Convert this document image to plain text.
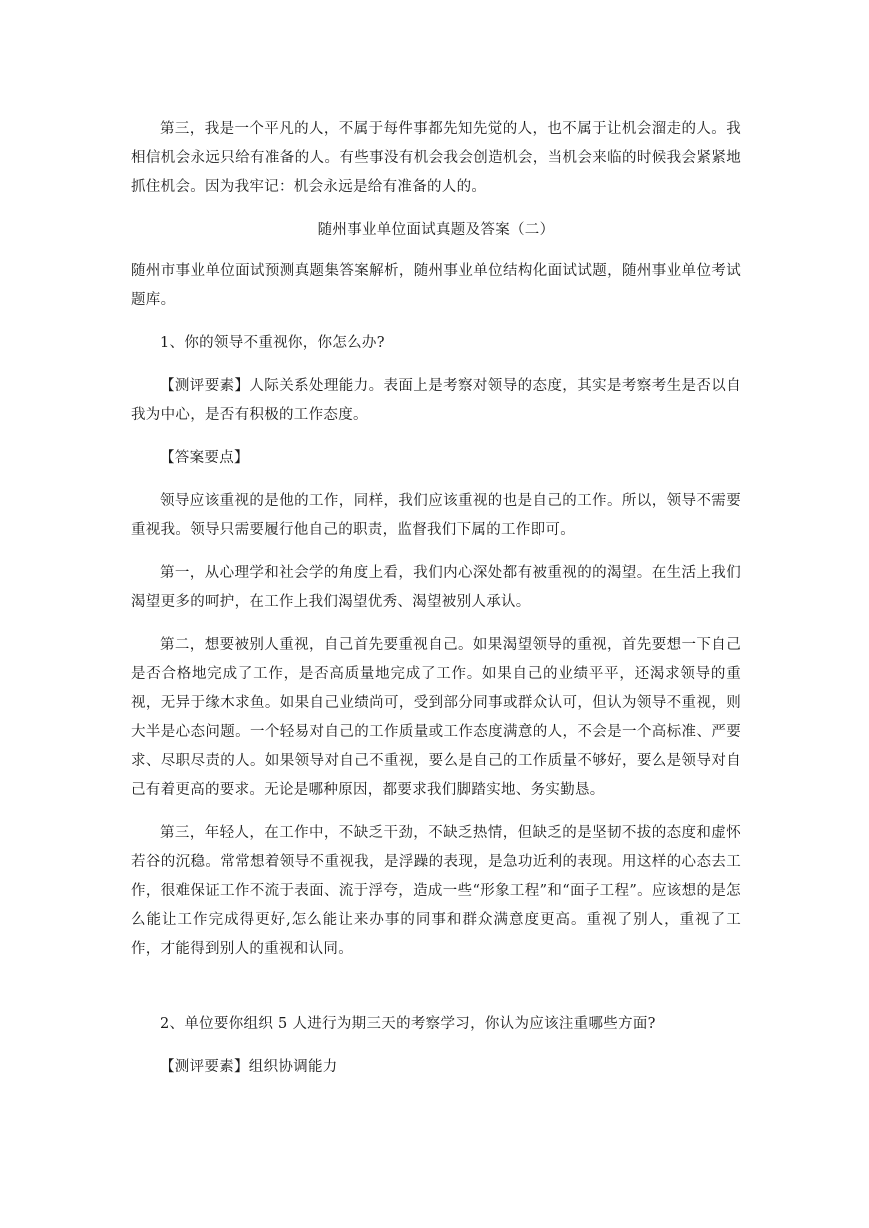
第三，我是一个平凡的人，不属于每件事都先知先觉的人，也不属于让机会溜走的人。我相信机会永远只给有准备的人。有些事没有机会我会创造机会，当机会来临的时候我会紧紧地抓住机会。因为我牢记：机会永远是给有准备的人的。

随州事业单位面试真题及答案（二）

随州市事业单位面试预测真题集答案解析，随州事业单位结构化面试试题，随州事业单位考试题库。

1、你的领导不重视你，你怎么办?

【测评要素】人际关系处理能力。表面上是考察对领导的态度，其实是考察考生是否以自我为中心，是否有积极的工作态度。

【答案要点】

领导应该重视的是他的工作，同样，我们应该重视的也是自己的工作。所以，领导不需要重视我。领导只需要履行他自己的职责，监督我们下属的工作即可。

第一，从心理学和社会学的角度上看，我们内心深处都有被重视的的渴望。在生活上我们渴望更多的呵护，在工作上我们渴望优秀、渴望被别人承认。

第二，想要被别人重视，自己首先要重视自己。如果渴望领导的重视，首先要想一下自己是否合格地完成了工作，是否高质量地完成了工作。如果自己的业绩平平，还渴求领导的重视，无异于缘木求鱼。如果自己业绩尚可，受到部分同事或群众认可，但认为领导不重视，则大半是心态问题。一个轻易对自己的工作质量或工作态度满意的人，不会是一个高标准、严要求、尽职尽责的人。如果领导对自己不重视，要么是自己的工作质量不够好，要么是领导对自己有着更高的要求。无论是哪种原因，都要求我们脚踏实地、务实勤恳。

第三，年轻人，在工作中，不缺乏干劲，不缺乏热情，但缺乏的是坚韧不拔的态度和虚怀若谷的沉稳。常常想着领导不重视我，是浮躁的表现，是急功近利的表现。用这样的心态去工作，很难保证工作不流于表面、流于浮夸，造成一些“形象工程”和“面子工程”。应该想的是怎么能让工作完成得更好,怎么能让来办事的同事和群众满意度更高。重视了别人，重视了工作，才能得到别人的重视和认同。

2、单位要你组织 5 人进行为期三天的考察学习，你认为应该注重哪些方面?

【测评要素】组织协调能力
